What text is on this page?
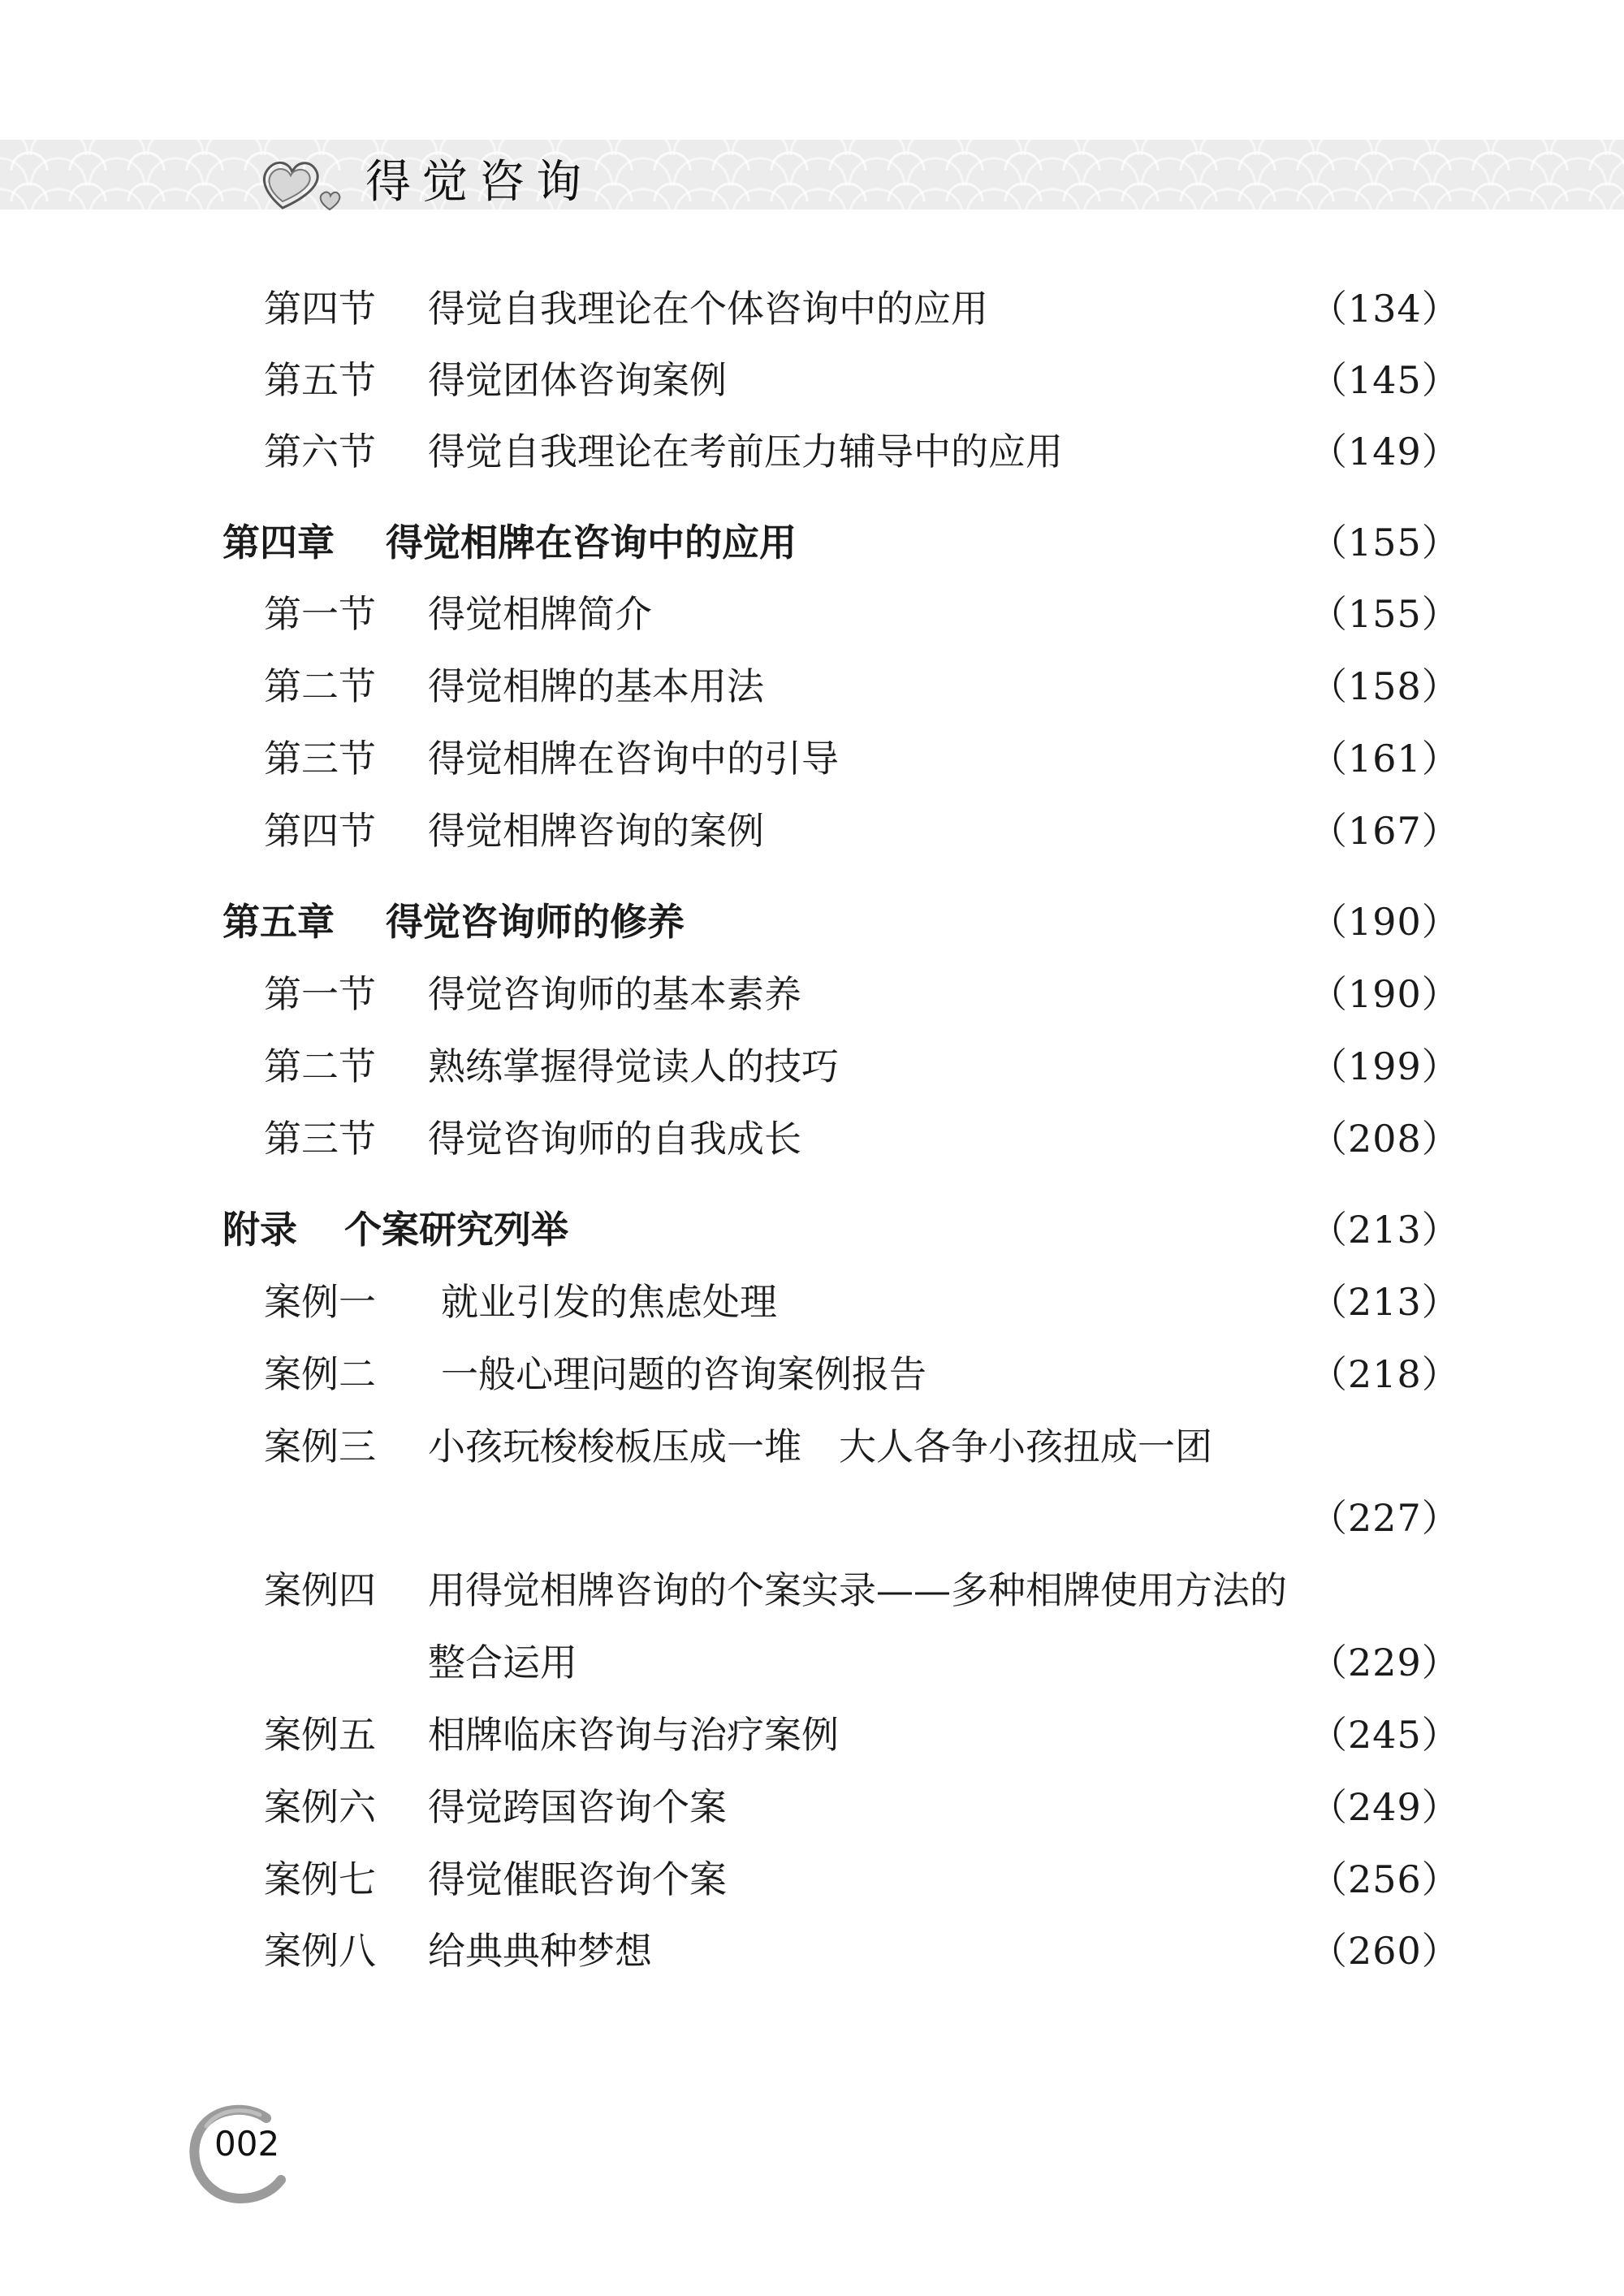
得觉咨询
第四节 得觉自我理论在个体咨询中的应用	（134）
第五节 得觉团体咨询案例	（145）
第六节 得觉自我理论在考前压力辅导中的应用	（149）
第四章 得觉相牌在咨询中的应用	（155）
第一节 得觉相牌简介	（155）
第二节 得觉相牌的基本用法	（158）
第三节 得觉相牌在咨询中的引导	（161）
第四节 得觉相牌咨询的案例	（167）
第五章 得觉咨询师的修养	（190）
第一节 得觉咨询师的基本素养	（190）
第二节 熟练掌握得觉读人的技巧	（199）
第三节 得觉咨询师的自我成长	（208）
附录 个案研究列举	（213）
案例一 就业引发的焦虑处理	（213）
案例二 一般心理问题的咨询案例报告	（218）
案例三 小孩玩梭梭板压成一堆　大人各争小孩扭成一团
（227）
案例四 用得觉相牌咨询的个案实录——多种相牌使用方法的
整合运用	（229）
案例五 相牌临床咨询与治疗案例	（245）
案例六 得觉跨国咨询个案	（249）
案例七 得觉催眠咨询个案	（256）
案例八 给典典种梦想	（260）
002
